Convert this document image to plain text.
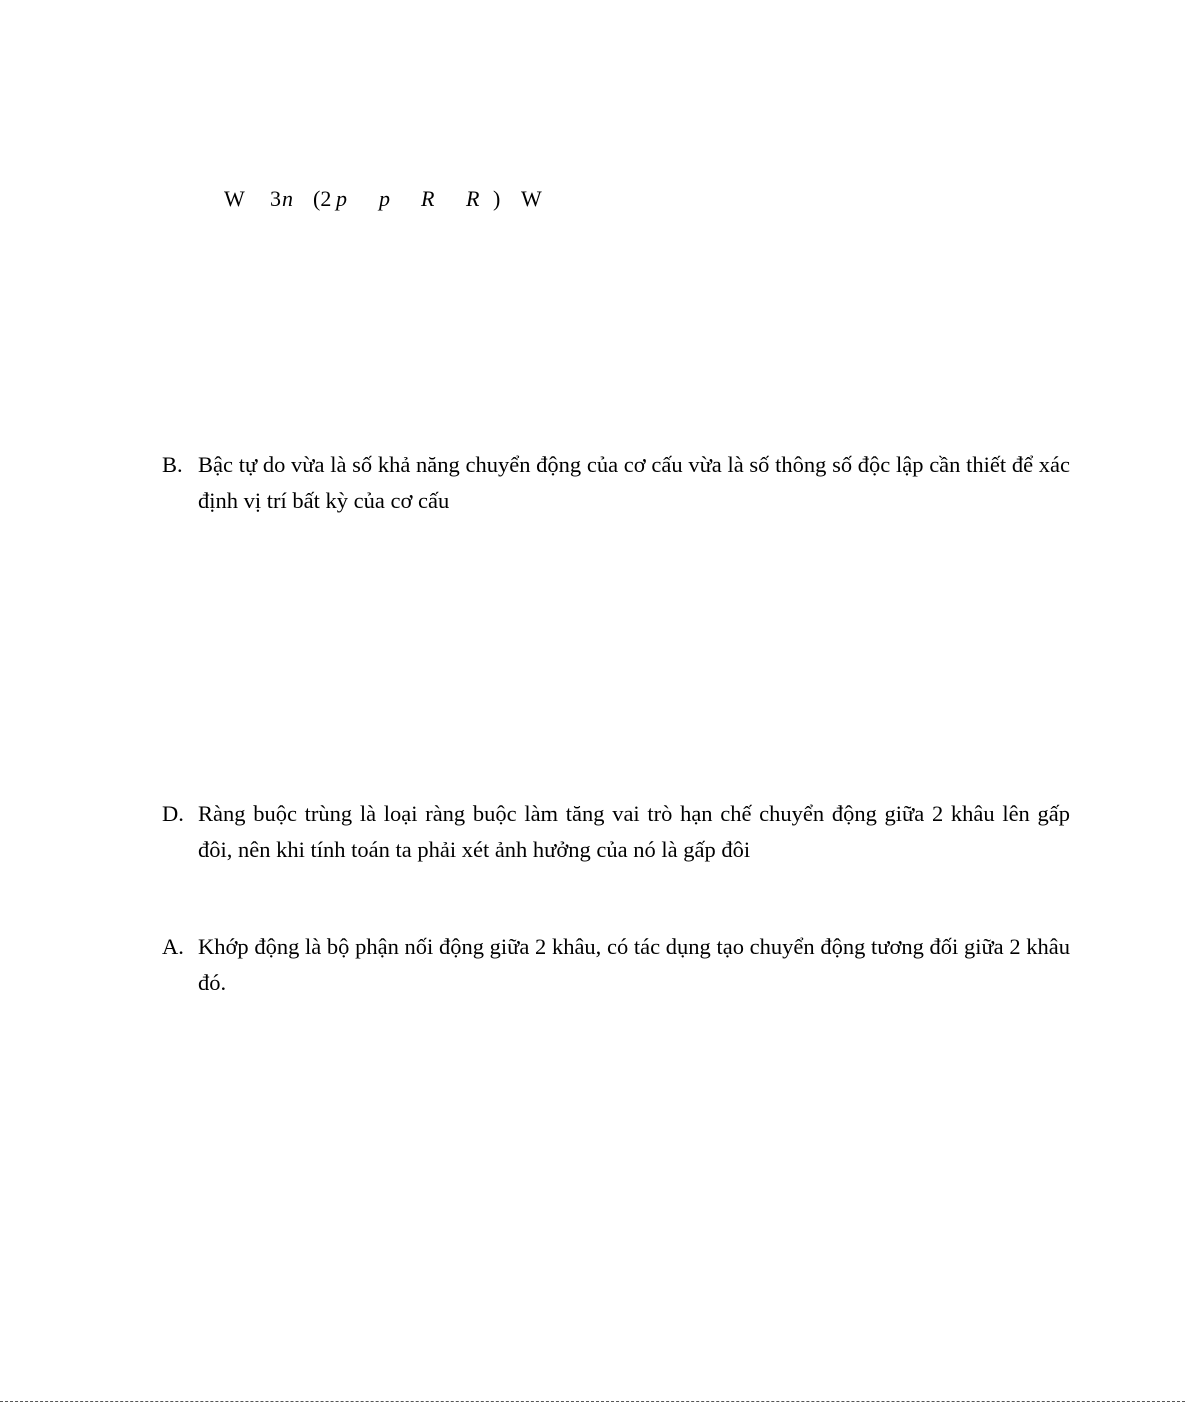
W 3 n (2 p p R R ) W
B. Bậc tự do vừa là số khả năng chuyển động của cơ cấu vừa là số thông số độc lập cần thiết để xác định vị trí bất kỳ của cơ cấu
D. Ràng buộc trùng là loại ràng buộc làm tăng vai trò hạn chế chuyển động giữa 2 khâu lên gấp đôi, nên khi tính toán ta phải xét ảnh hưởng của nó là gấp đôi
A. Khớp động là bộ phận nối động giữa 2 khâu, có tác dụng tạo chuyển động tương đối giữa 2 khâu đó.
